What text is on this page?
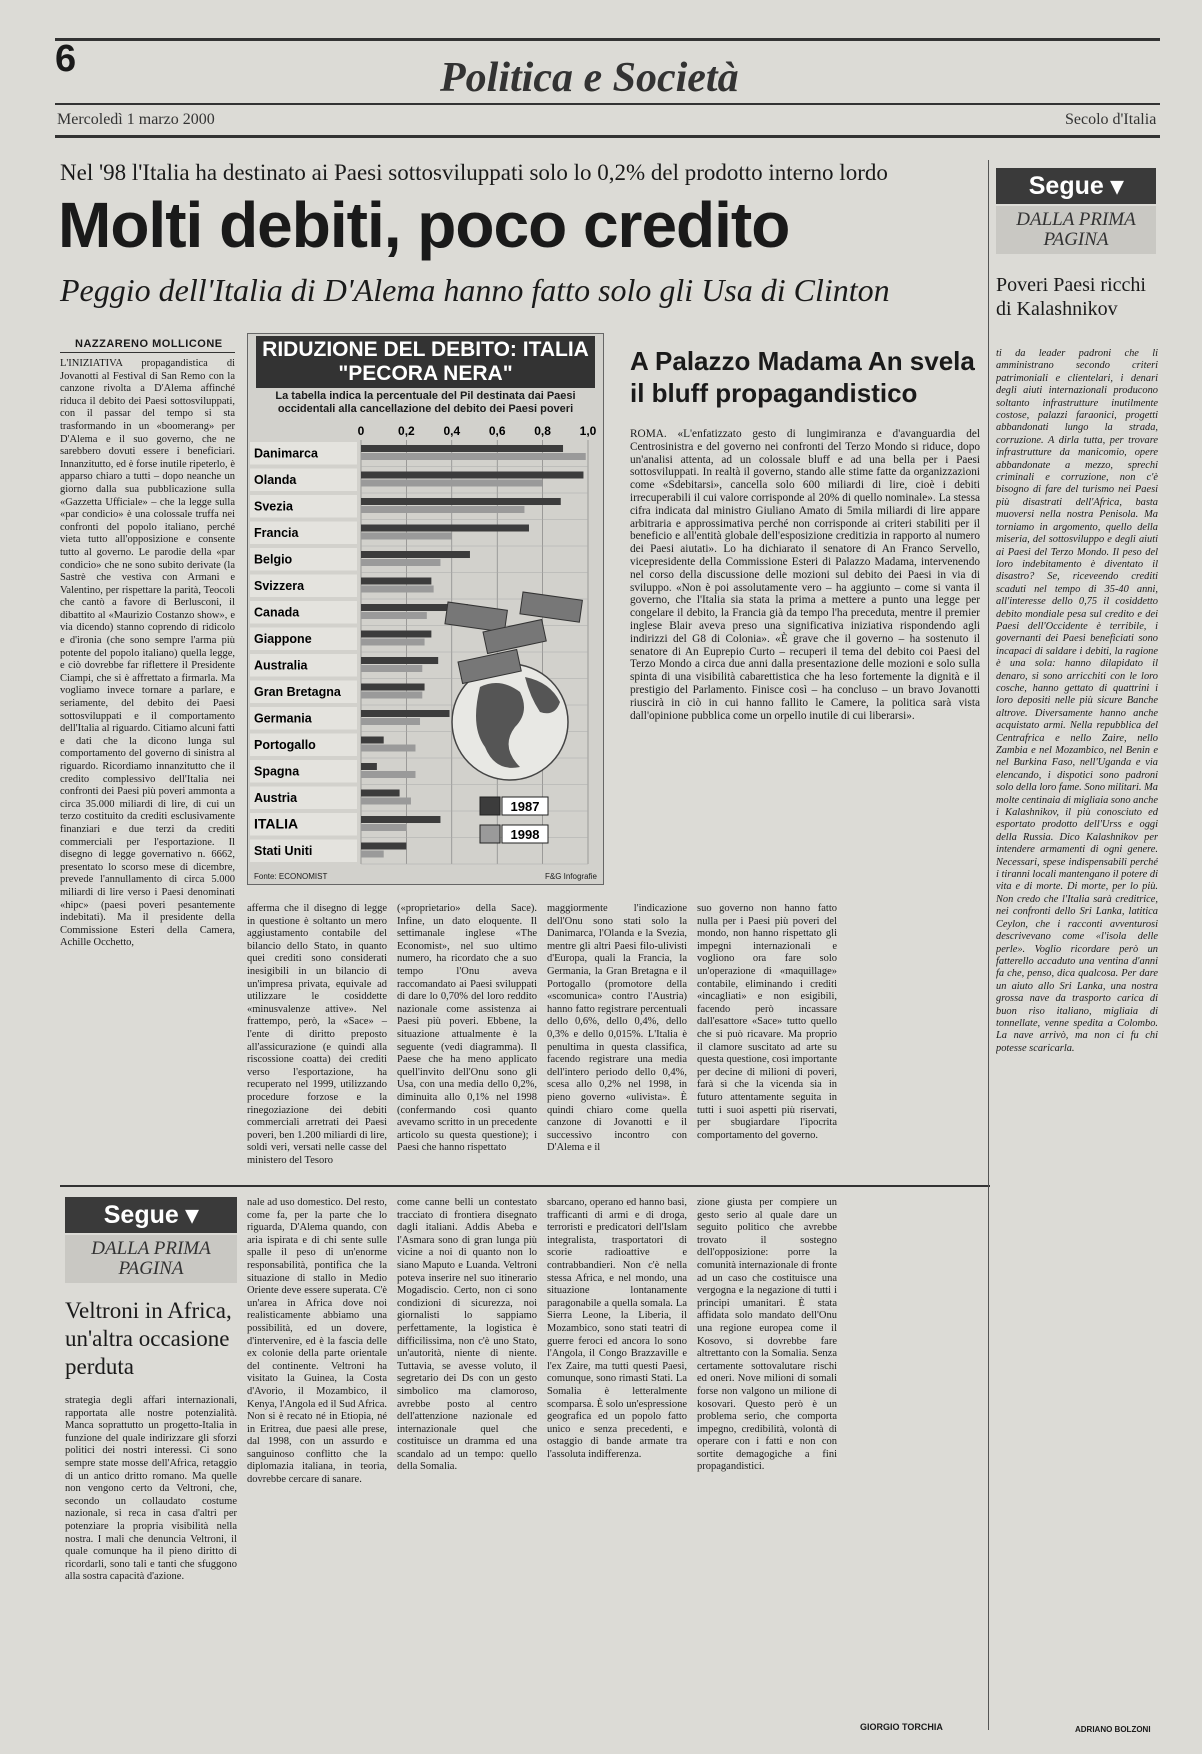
6	Politica e Società
Mercoledì 1 marzo 2000	Secolo d'Italia
Nel '98 l'Italia ha destinato ai Paesi sottosviluppati solo lo 0,2% del prodotto interno lordo
Molti debiti, poco credito
Peggio dell'Italia di D'Alema hanno fatto solo gli Usa di Clinton
NAZZARENO MOLLICONE
L'INIZIATIVA propagandistica di Jovanotti al Festival di San Remo con la canzone rivolta a D'Alema affinché riduca il debito dei Paesi sottosviluppati, con il passar del tempo si sta trasformando in un «boomerang» per D'Alema e il suo governo, che ne sarebbero dovuti essere i beneficiari. Innanzitutto, ed è forse inutile ripeterlo, è apparso chiaro a tutti – dopo neanche un giorno dalla sua pubblicazione sulla «Gazzetta Ufficiale» – che la legge sulla «par condicio» è una colossale truffa nei confronti del popolo italiano, perché vieta tutto all'opposizione e consente tutto al governo. Le parodie della «par condicio» che ne sono subito derivate (la Sastrè che vestiva con Armani e Valentino, per rispettare la parità, Teocoli che cantò a favore di Berlusconi, il dibattito al «Maurizio Costanzo show», e via dicendo) stanno coprendo di ridicolo e d'ironia (che sono sempre l'arma più potente del popolo italiano) quella legge, e ciò dovrebbe far riflettere il Presidente Ciampi, che si è affrettato a firmarla. Ma vogliamo invece tornare a parlare, e seriamente, del debito dei Paesi sottosviluppati e il comportamento dell'Italia al riguardo. Citiamo alcuni fatti e dati che la dicono lunga sul comportamento del governo di sinistra al riguardo. Ricordiamo innanzitutto che il credito complessivo dell'Italia nei confronti dei Paesi più poveri ammonta a circa 35.000 miliardi di lire, di cui un terzo costituito da crediti esclusivamente finanziari e due terzi da crediti commerciali per l'esportazione. Il disegno di legge governativo n. 6662, presentato lo scorso mese di dicembre, prevede l'annullamento di circa 5.000 miliardi di lire verso i Paesi denominati «hipc» (paesi poveri pesantemente indebitati). Ma il presidente della Commissione Esteri della Camera, Achille Occhetto,
RIDUZIONE DEL DEBITO: ITALIA "PECORA NERA"
La tabella indica la percentuale del Pil destinata dai Paesi occidentali alla cancellazione del debito dei Paesi poveri
0	0,2 0,4 0,6 0,8 1,0
Danimarca
Olanda
Svezia
Francia
Belgio
Svizzera
Canada
Giappone
Australia
Gran Bretagna
Germania
Portogallo
Spagna
Austria
ITALIA
Stati Uniti
1987
1998
Fonte: ECONOMIST	F&G Infografie
A Palazzo Madama An svela il bluff propagandistico
ROMA. «L'enfatizzato gesto di lungimiranza e d'avanguardia del Centrosinistra e del governo nei confronti del Terzo Mondo si riduce, dopo un'analisi attenta, ad un colossale bluff e ad una bella per i Paesi sottosviluppati. In realtà il governo, stando alle stime fatte da organizzazioni come «Sdebitarsi», cancella solo 600 miliardi di lire, cioè i debiti irrecuperabili il cui valore corrisponde al 20% di quello nominale». La stessa cifra indicata dal ministro Giuliano Amato di 5mila miliardi di lire appare arbitraria e approssimativa perché non corrisponde ai criteri stabiliti per il beneficio e all'entità globale dell'esposizione creditizia in rapporto al numero dei Paesi aiutati». Lo ha dichiarato il senatore di An Franco Servello, vicepresidente della Commissione Esteri di Palazzo Madama, intervenendo nel corso della discussione delle mozioni sul debito dei Paesi in via di sviluppo. «Non è poi assolutamente vero – ha aggiunto – come si vanta il governo, che l'Italia sia stata la prima a mettere a punto una legge per congelare il debito, la Francia già da tempo l'ha preceduta, mentre il premier inglese Blair aveva preso una significativa iniziativa rispondendo agli indirizzi del G8 di Colonia». «È grave che il governo – ha sostenuto il senatore di An Euprepio Curto – recuperi il tema del debito coi Paesi del Terzo Mondo a circa due anni dalla presentazione delle mozioni e solo sulla spinta di una visibilità cabarettistica che ha leso fortemente la dignità e il prestigio del Parlamento. Finisce così – ha concluso – un bravo Jovanotti riuscirà in ciò in cui hanno fallito le Camere, la politica sarà vista dall'opinione pubblica come un orpello inutile di cui liberarsi».
afferma che il disegno di legge in questione è soltanto un mero aggiustamento contabile del bilancio dello Stato, in quanto quei crediti sono considerati inesigibili in un bilancio di un'impresa privata, equivale ad utilizzare le cosiddette «minusvalenze attive». Nel frattempo, però, la «Sace» – l'ente di diritto preposto all'assicurazione (e quindi alla riscossione coatta) dei crediti verso l'esportazione, ha recuperato nel 1999, utilizzando procedure forzose e la rinegoziazione dei debiti commerciali arretrati dei Paesi poveri, ben 1.200 miliardi di lire, soldi veri, versati nelle casse del ministero del Tesoro
(«proprietario» della Sace). Infine, un dato eloquente. Il settimanale inglese «The Economist», nel suo ultimo numero, ha ricordato che a suo tempo l'Onu aveva raccomandato ai Paesi sviluppati di dare lo 0,70% del loro reddito nazionale come assistenza ai Paesi più poveri. Ebbene, la situazione attualmente è la seguente (vedi diagramma). Il Paese che ha meno applicato quell'invito dell'Onu sono gli Usa, con una media dello 0,2%, diminuita allo 0,1% nel 1998 (confermando così quanto avevamo scritto in un precedente articolo su questa questione); i Paesi che hanno rispettato
maggiormente l'indicazione dell'Onu sono stati solo la Danimarca, l'Olanda e la Svezia, mentre gli altri Paesi filo-ulivisti d'Europa, quali la Francia, la Germania, la Gran Bretagna e il Portogallo (promotore della «scomunica» contro l'Austria) hanno fatto registrare percentuali dello 0,6%, dello 0,4%, dello 0,3% e dello 0,015%. L'Italia è penultima in questa classifica, facendo registrare una media dell'intero periodo dello 0,4%, scesa allo 0,2% nel 1998, in pieno governo «ulivista». È quindi chiaro come quella canzone di Jovanotti e il successivo incontro con D'Alema e il
suo governo non hanno fatto nulla per i Paesi più poveri del mondo, non hanno rispettato gli impegni internazionali e vogliono ora fare solo un'operazione di «maquillage» contabile, eliminando i crediti «incagliati» e non esigibili, facendo però incassare dall'esattore «Sace» tutto quello che si può ricavare. Ma proprio il clamore suscitato ad arte su questa questione, così importante per decine di milioni di poveri, farà sì che la vicenda sia in futuro attentamente seguita in tutti i suoi aspetti più riservati, per sbugiardare l'ipocrita comportamento del governo.
Segue ▾
DALLA PRIMA PAGINA
Veltroni in Africa, un'altra occasione perduta
strategia degli affari internazionali, rapportata alle nostre potenzialità. Manca soprattutto un progetto-Italia in funzione del quale indirizzare gli sforzi politici dei nostri interessi. Ci sono sempre state mosse dell'Africa, retaggio di un antico dritto romano. Ma quelle non vengono certo da Veltroni, che, secondo un collaudato costume nazionale, si reca in casa d'altri per potenziare la propria visibilità nella nostra. I mali che denuncia Veltroni, il quale comunque ha il pieno diritto di ricordarli, sono tali e tanti che sfuggono alla sostra capacità d'azione.
nale ad uso domestico. Del resto, come fa, per la parte che lo riguarda, D'Alema quando, con aria ispirata e di chi sente sulle spalle il peso di un'enorme responsabilità, pontifica che la situazione di stallo in Medio Oriente deve essere superata. C'è un'area in Africa dove noi realisticamente abbiamo una possibilità, ed un dovere, d'intervenire, ed è la fascia delle ex colonie della parte orientale del continente. Veltroni ha visitato la Guinea, la Costa d'Avorio, il Mozambico, il Kenya, l'Angola ed il Sud Africa. Non si è recato né in Etiopia, né in Eritrea, due paesi alle prese, dal 1998, con un assurdo e sanguinoso conflitto che la diplomazia italiana, in teoria, dovrebbe cercare di sanare.
come canne belli un contestato tracciato di frontiera disegnato dagli italiani. Addis Abeba e l'Asmara sono di gran lunga più vicine a noi di quanto non lo siano Maputo e Luanda. Veltroni poteva inserire nel suo itinerario Mogadiscio. Certo, non ci sono condizioni di sicurezza, noi giornalisti lo sappiamo perfettamente, la logistica è difficilissima, non c'è uno Stato, un'autorità, niente di niente. Tuttavia, se avesse voluto, il segretario dei Ds con un gesto simbolico ma clamoroso, avrebbe posto al centro dell'attenzione nazionale ed internazionale quel che costituisce un dramma ed una scandalo ad un tempo: quello della Somalia.
sbarcano, operano ed hanno basi, trafficanti di armi e di droga, terroristi e predicatori dell'Islam integralista, trasportatori di scorie radioattive e contrabbandieri. Non c'è nella stessa Africa, e nel mondo, una situazione lontanamente paragonabile a quella somala. La Sierra Leone, la Liberia, il Mozambico, sono stati teatri di guerre feroci ed ancora lo sono l'Angola, il Congo Brazzaville e l'ex Zaire, ma tutti questi Paesi, comunque, sono rimasti Stati. La Somalia è letteralmente scomparsa. È solo un'espressione geografica ed un popolo fatto unico e senza precedenti, e ostaggio di bande armate tra l'assoluta indifferenza.
zione giusta per compiere un gesto serio al quale dare un seguito politico che avrebbe trovato il sostegno dell'opposizione: porre la comunità internazionale di fronte ad un caso che costituisce una vergogna e la negazione di tutti i principi umanitari. È stata affidata solo mandato dell'Onu una regione europea come il Kosovo, si dovrebbe fare altrettanto con la Somalia. Senza certamente sottovalutare rischi ed oneri. Nove milioni di somali forse non valgono un milione di kosovari. Questo però è un problema serio, che comporta impegno, credibilità, volontà di operare con i fatti e non con sortite demagogiche a fini propagandistici.
GIORGIO TORCHIA
Segue ▾
DALLA PRIMA PAGINA
Poveri Paesi ricchi di Kalashnikov
ti da leader padroni che li amministrano secondo criteri patrimoniali e clientelari, i denari degli aiuti internazionali producono soltanto infrastrutture inutilmente costose, palazzi faraonici, progetti abbandonati lungo la strada, corruzione. A dirla tutta, per trovare infrastrutture da manicomio, opere abbandonate a mezzo, sprechi criminali e corruzione, non c'è bisogno di fare del turismo nei Paesi più disastrati dell'Africa, basta muoversi nella nostra Penisola. Ma torniamo in argomento, quello della miseria, del sottosviluppo e degli aiuti ai Paesi del Terzo Mondo. Il peso del loro indebitamento è diventato il disastro? Se, riceveendo crediti scaduti nel tempo di 35-40 anni, all'interesse dello 0,75 il cosiddetto debito mondiale pesa sul credito e dei Paesi dell'Occidente è terribile, i governanti dei Paesi beneficiati sono incapaci di saldare i debiti, la ragione è una sola: hanno dilapidato il denaro, si sono arricchiti con le loro cosche, hanno gettato di quattrini i loro depositi nelle più sicure Banche altrove. Diversamente hanno anche acquistato armi. Nella repubblica del Centrafrica e nello Zaire, nello Zambia e nel Mozambico, nel Benin e nel Burkina Faso, nell'Uganda e via elencando, i dispotici sono padroni solo della loro fame. Sono militari. Ma molte centinaia di migliaia sono anche i Kalashnikov, il più conosciuto ed esportato prodotto dell'Urss e oggi della Russia. Dico Kalashnikov per intendere armamenti di ogni genere. Necessari, spese indispensabili perché i tiranni locali mantengano il potere di vita e di morte. Di morte, per lo più. Non credo che l'Italia sarà creditrice, nei confronti dello Sri Lanka, latitica Ceylon, che i racconti avventurosi descrivevano come «l'isola delle perle». Voglio ricordare però un fatterello accaduto una ventina d'anni fa che, penso, dica qualcosa. Per dare un aiuto allo Sri Lanka, una nostra grossa nave da trasporto carica di buon riso italiano, migliaia di tonnellate, venne spedita a Colombo. La nave arrivò, ma non ci fu chi potesse scaricarla.
ADRIANO BOLZONI
